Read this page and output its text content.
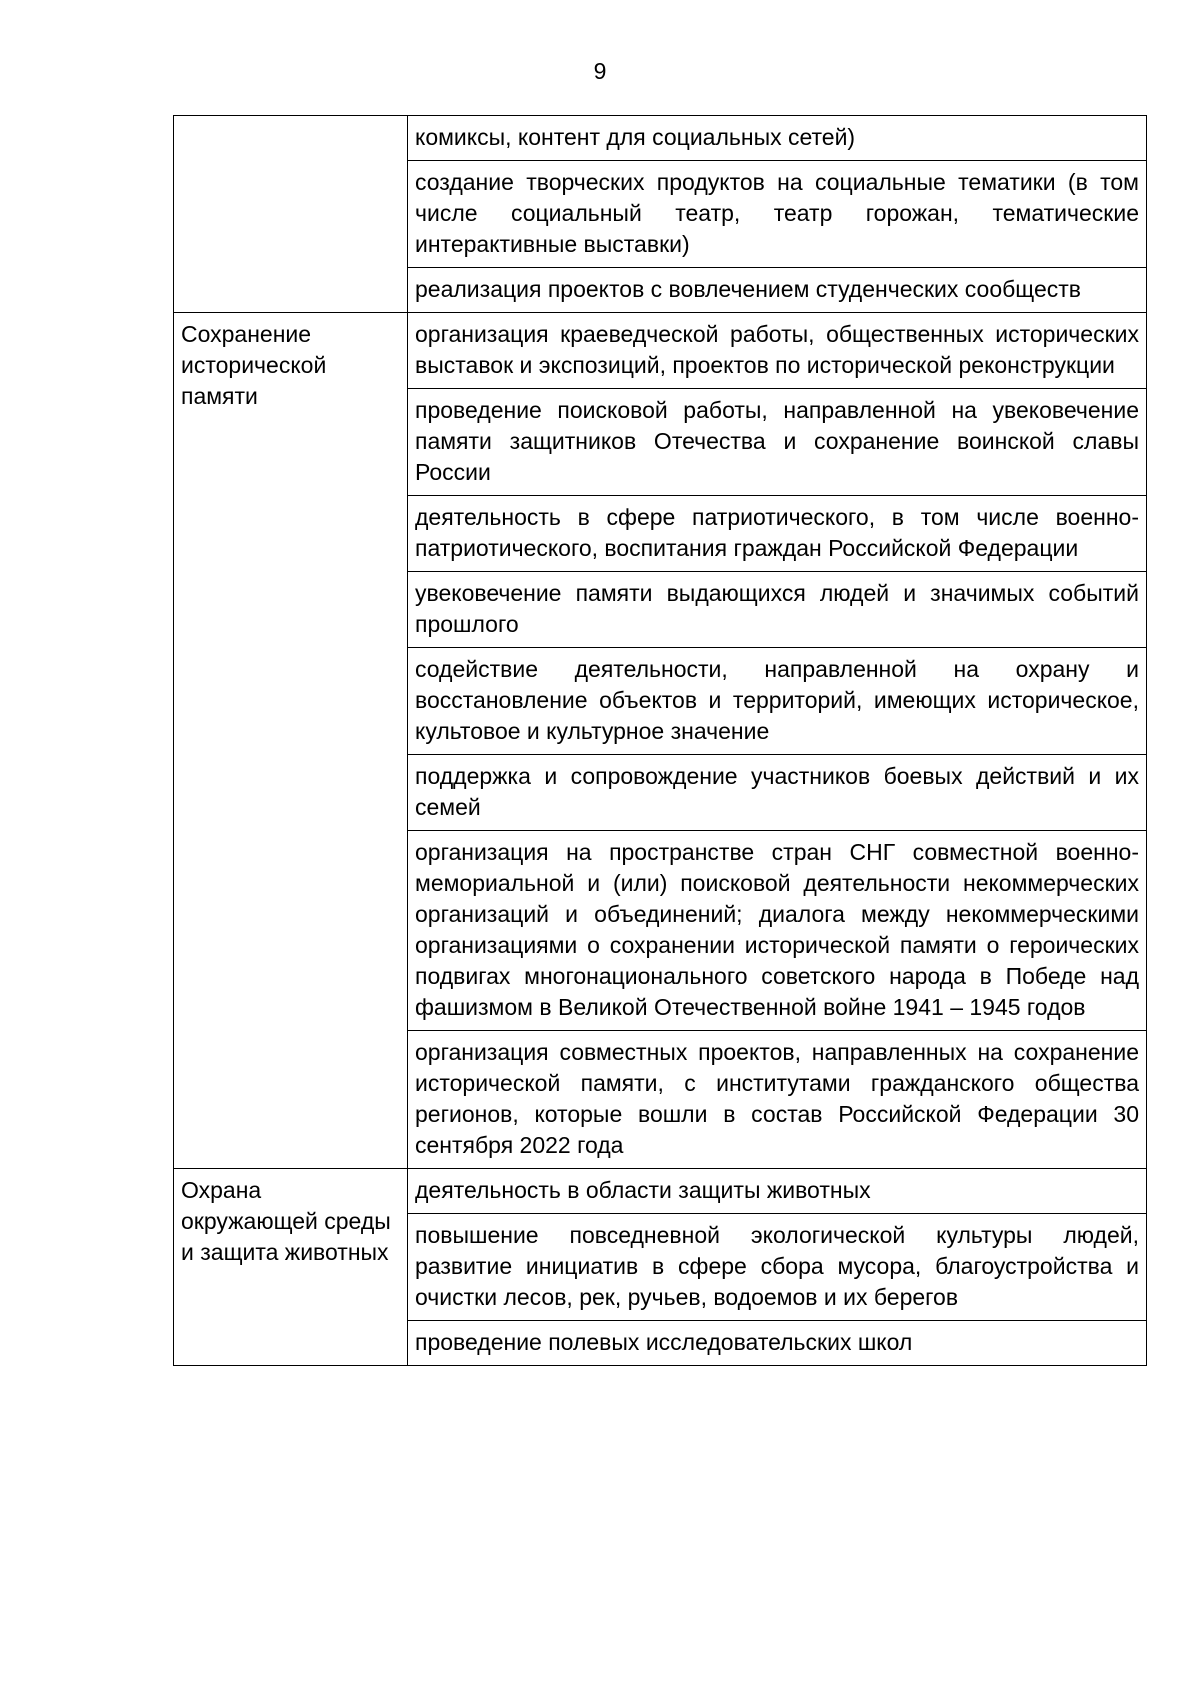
9
	комиксы, контент для социальных сетей)
	создание творческих продуктов на социальные тематики (в том числе социальный театр, театр горожан, тематические интерактивные выставки)
	реализация проектов с вовлечением студенческих сообществ
Сохранение исторической памяти	организация краеведческой работы, общественных исторических выставок и экспозиций, проектов по исторической реконструкции
	проведение поисковой работы, направленной на увековечение памяти защитников Отечества и сохранение воинской славы России
	деятельность в сфере патриотического, в том числе военно-патриотического, воспитания граждан Российской Федерации
	увековечение памяти выдающихся людей и значимых событий прошлого
	содействие деятельности, направленной на охрану и восстановление объектов и территорий, имеющих историческое, культовое и культурное значение
	поддержка и сопровождение участников боевых действий и их семей
	организация на пространстве стран СНГ совместной военно-мемориальной и (или) поисковой деятельности некоммерческих организаций и объединений; диалога между некоммерческими организациями о сохранении исторической памяти о героических подвигах многонационального советского народа в Победе над фашизмом в Великой Отечественной войне 1941 – 1945 годов
	организация совместных проектов, направленных на сохранение исторической памяти, с институтами гражданского общества регионов, которые вошли в состав Российской Федерации 30 сентября 2022 года
Охрана окружающей среды и защита животных	деятельность в области защиты животных
	повышение повседневной экологической культуры людей, развитие инициатив в сфере сбора мусора, благоустройства и очистки лесов, рек, ручьев, водоемов и их берегов
	проведение полевых исследовательских школ
